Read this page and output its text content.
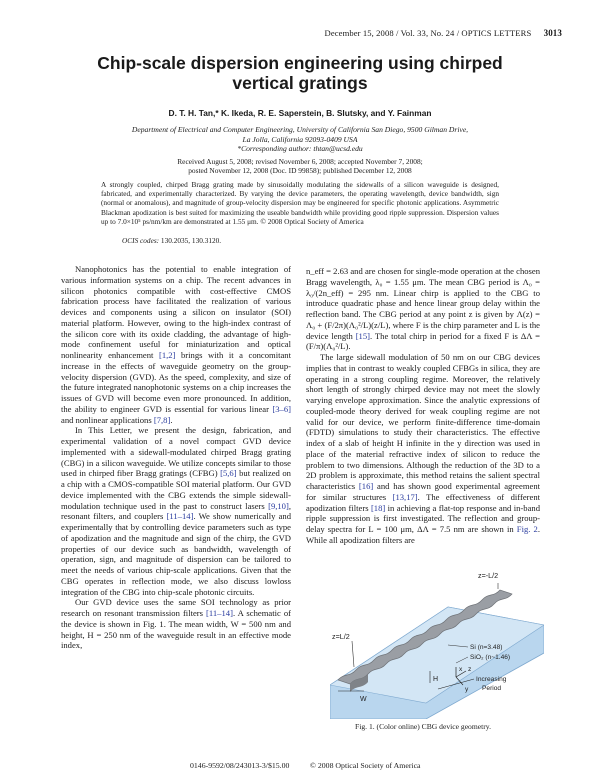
December 15, 2008 / Vol. 33, No. 24 / OPTICS LETTERS 3013
Chip-scale dispersion engineering using chirped
vertical gratings
D. T. H. Tan,* K. Ikeda, R. E. Saperstein, B. Slutsky, and Y. Fainman
Department of Electrical and Computer Engineering, University of California San Diego, 9500 Gilman Drive,
La Jolla, California 92093-0409 USA
*Corresponding author: thtan@ucsd.edu
Received August 5, 2008; revised November 6, 2008; accepted November 7, 2008;
posted November 12, 2008 (Doc. ID 99858); published December 12, 2008
A strongly coupled, chirped Bragg grating made by sinusoidally modulating the sidewalls of a silicon waveguide is designed, fabricated, and experimentally characterized. By varying the device parameters, the operating wavelength, device bandwidth, sign (normal or anomalous), and magnitude of group-velocity dispersion may be engineered for specific photonic applications. Asymmetric Blackman apodization is best suited for maximizing the useable bandwidth while providing good ripple suppression. Dispersion values up to 7.0×10⁵ ps/nm/km are demonstrated at 1.55 μm. © 2008 Optical Society of America
OCIS codes: 130.2035, 130.3120.

Nanophotonics has the potential to enable integration of various information systems on a chip. The recent advances in silicon photonics compatible with cost-effective CMOS fabrication process have facilitated the realization of various devices and components using a silicon on insulator (SOI) material platform. However, owing to the high-index contrast of the silicon core with its oxide cladding, the advantage of high-mode confinement useful for miniaturization and optical nonlinearity enhancement [1,2] brings with it a concomitant increase in the effects of waveguide geometry on the group-velocity dispersion (GVD). As the speed, complexity, and size of the future integrated nanophotonic systems on a chip increases the issues of GVD will become even more pronounced. In addition, the ability to engineer GVD is essential for various linear [3–6] and nonlinear applications [7,8].

In This Letter, we present the design, fabrication, and experimental validation of a novel compact GVD device implemented with a sidewall-modulated chirped Bragg grating (CBG) in a silicon waveguide. We utilize concepts similar to those used in chirped fiber Bragg gratings (CFBG) [5,6] but realized on a chip with a CMOS-compatible SOI material platform. Our GVD device implemented with the CBG extends the simple sidewall-modulation technique used in the past to construct lasers [9,10], resonant filters, and couplers [11–14]. We show numerically and experimentally that by controlling device parameters such as type of apodization and the magnitude and sign of the chirp, the GVD properties of our device such as bandwidth, wavelength of operation, sign, and magnitude of dispersion can be tailored to meet the needs of various chip-scale applications. Given that the CBG operates in reflection mode, we also discuss lowloss integration of the CBG into chip-scale photonic circuits.

Our GVD device uses the same SOI technology as prior research on resonant transmission filters [11–14]. A schematic of the device is shown in Fig. 1. The mean width, W = 500 nm and height, H = 250 nm of the waveguide result in an effective mode index,

n_eff = 2.63 and are chosen for single-mode operation at the chosen Bragg wavelength, λ₀ = 1.55 μm. The mean CBG period is Λ₀ = λ₀/(2n_eff) = 295 nm. Linear chirp is applied to the CBG to introduce quadratic phase and hence linear group delay within the reflection band. The CBG period at any point z is given by Λ(z) = Λ₀ + (F/2π)(Λ₀²/L)(z/L), where F is the chirp parameter and L is the device length [15]. The total chirp in period for a fixed F is ΔΛ = (F/π)(Λ₀²/L).

The large sidewall modulation of 50 nm on our CBG devices implies that in contrast to weakly coupled CFBGs in silica, they are operating in a strong coupling regime. Moreover, the relatively short length of strongly chirped device may not meet the slowly varying envelope approximation. Since the analytic expressions of coupled-mode theory derived for weak coupling regime are not valid for our device, we perform finite-difference time-domain (FDTD) simulations to study their characteristics. The effective index of a slab of height H infinite in the y direction was used in place of the material refractive index of silicon to reduce the problem to two dimensions. Although the reduction of the 3D to a 2D problem is approximate, this method retains the salient spectral characteristics [16] and has shown good experimental agreement for similar structures [13,17]. The effectiveness of different apodization filters [18] in achieving a flat-top response and in-band ripple suppression is first investigated. The reflection and group-delay spectra for L = 100 μm, ΔΛ = 7.5 nm are shown in Fig. 2. While all apodization filters are

z=-L/2
z=L/2
Si (n=3.48)
SiO₂ (n~1.46)
x z
y
H
W
Increasing
Period
Fig. 1. (Color online) CBG device geometry.
0146-9592/08/243013-3/$15.00	© 2008 Optical Society of America
